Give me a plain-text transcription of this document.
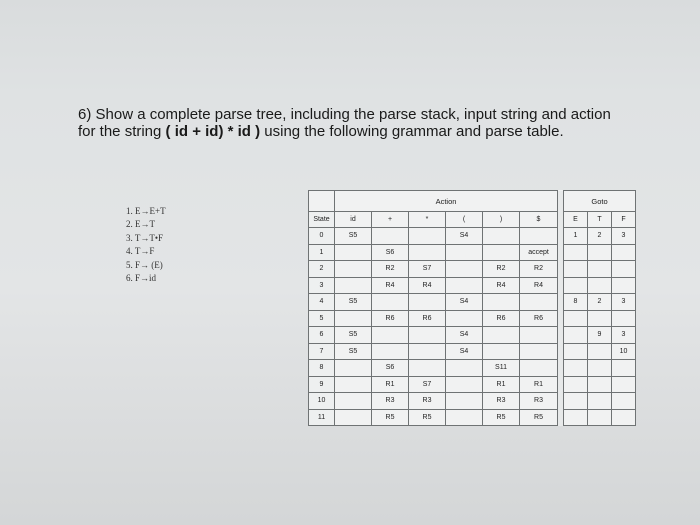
6) Show a complete parse tree, including the parse stack, input string and action
for the string ( id + id) * id ) using the following grammar and parse table.
1. E→E+T
2. E→T
3. T→T•F
4. T→F
5. F→ (E)
6. F→id
	Action							Goto		
State	id	+	*	(	)	$		E	T	F
0	S5			S4				1	2	3
1		S6				accept				
2		R2	S7		R2	R2				
3		R4	R4		R4	R4				
4	S5			S4				8	2	3
5		R6	R6		R6	R6				
6	S5			S4					9	3
7	S5			S4						10
8		S6			S11					
9		R1	S7		R1	R1				
10		R3	R3		R3	R3				
11		R5	R5		R5	R5				
